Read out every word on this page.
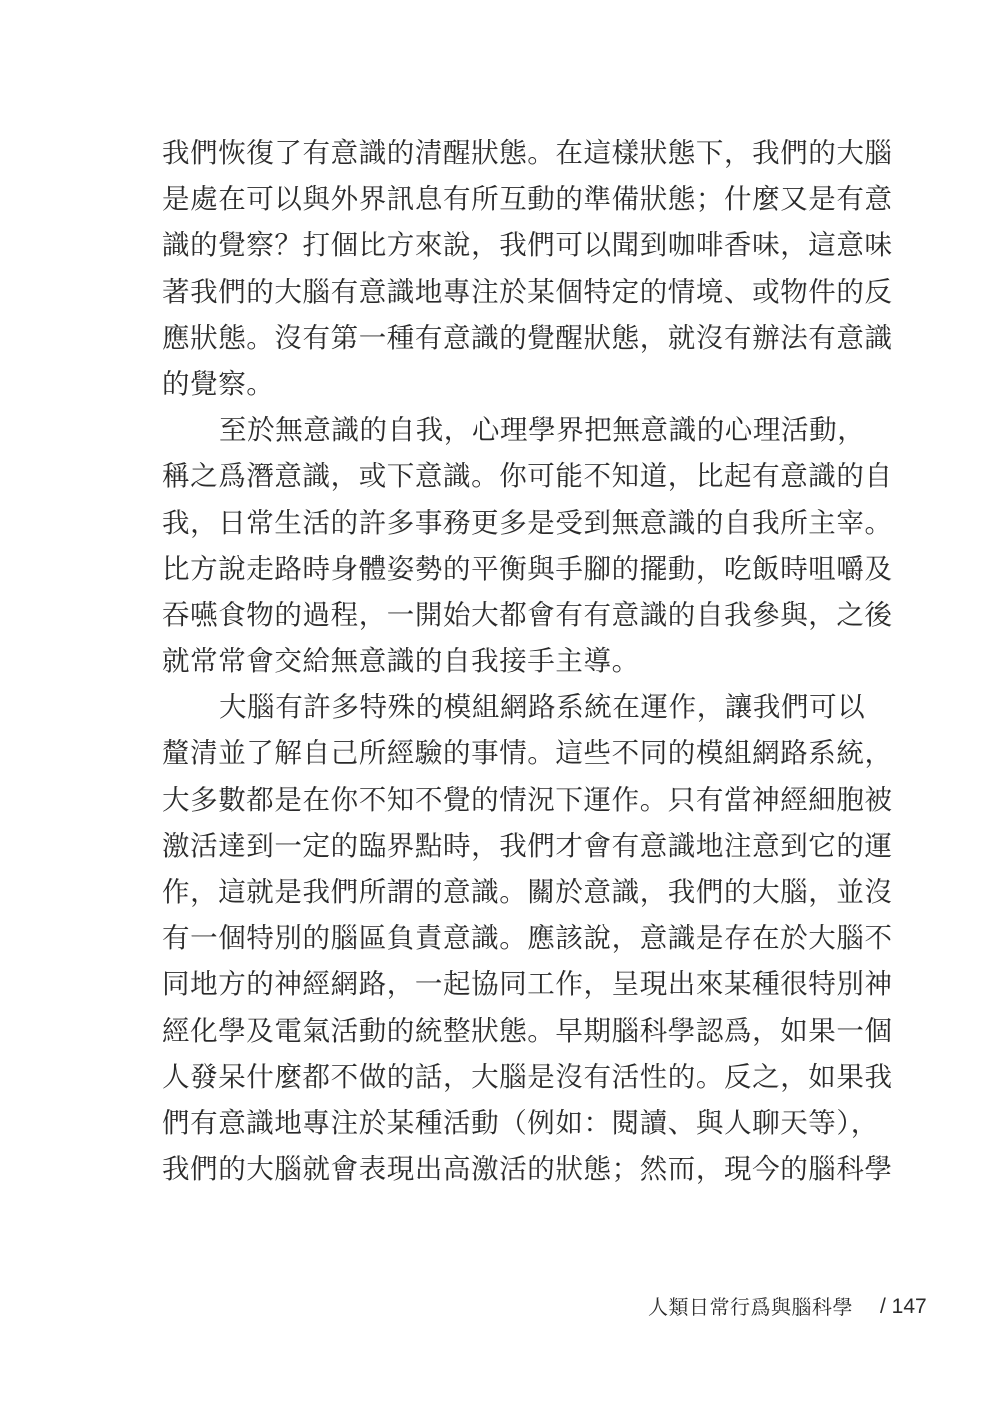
我們恢復了有意識的清醒狀態。在這樣狀態下，我們的大腦
是處在可以與外界訊息有所互動的準備狀態；什麼又是有意
識的覺察？打個比方來說，我們可以聞到咖啡香味，這意味
著我們的大腦有意識地專注於某個特定的情境、或物件的反
應狀態。沒有第一種有意識的覺醒狀態，就沒有辦法有意識
的覺察。
至於無意識的自我，心理學界把無意識的心理活動，
稱之爲潛意識，或下意識。你可能不知道，比起有意識的自
我，日常生活的許多事務更多是受到無意識的自我所主宰。
比方說走路時身體姿勢的平衡與手腳的擺動，吃飯時咀嚼及
吞嚥食物的過程，一開始大都會有有意識的自我參與，之後
就常常會交給無意識的自我接手主導。
大腦有許多特殊的模組網路系統在運作，讓我們可以
釐清並了解自己所經驗的事情。這些不同的模組網路系統，
大多數都是在你不知不覺的情況下運作。只有當神經細胞被
激活達到一定的臨界點時，我們才會有意識地注意到它的運
作，這就是我們所謂的意識。關於意識，我們的大腦，並沒
有一個特別的腦區負責意識。應該說，意識是存在於大腦不
同地方的神經網路，一起協同工作，呈現出來某種很特別神
經化學及電氣活動的統整狀態。早期腦科學認爲，如果一個
人發呆什麼都不做的話，大腦是沒有活性的。反之，如果我
們有意識地專注於某種活動（例如：閱讀、與人聊天等），
我們的大腦就會表現出高激活的狀態；然而，現今的腦科學
人類日常行爲與腦科學 / 147
